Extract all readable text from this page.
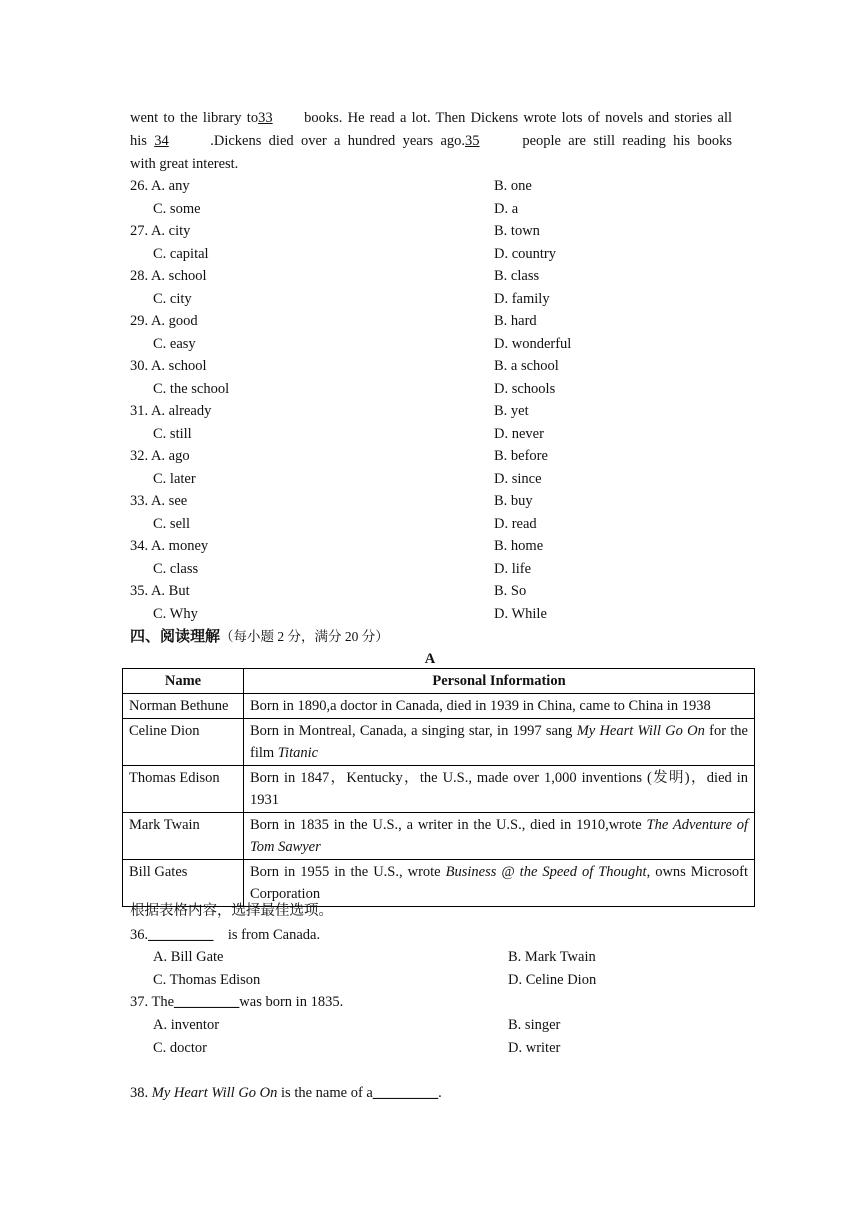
went to the library to33 books. He read a lot. Then Dickens wrote lots of novels and stories all
his 34	.Dickens died over a hundred years ago.35	people are still reading his books
with great interest.
26. A. any	B. one
C. some	D. a
27. A. city	B. town
C. capital	D. country
28. A. school	B. class
C. city	D. family
29. A. good	B. hard
C. easy	D. wonderful
30. A. school	B. a school
C. the school	D. schools
31. A. already	B. yet
C. still	D. never
32. A. ago	B. before
C. later	D. since
33. A. see	B. buy
C. sell	D. read
34. A. money	B. home
C. class	D. life
35. A. But	B. So
C. Why	D. While
四、阅读理解（每小题 2 分，满分 20 分）
A
Name	Personal Information
Norman Bethune	Born in 1890,a doctor in Canada, died in 1939 in China, came to China in 1938
Celine Dion	Born in Montreal, Canada, a singing star, in 1997 sang My Heart Will Go On for the film Titanic
Thomas Edison	Born in 1847，Kentucky，the U.S., made over 1,000 inventions (发明)，died in 1931
Mark Twain	Born in 1835 in the U.S., a writer in the U.S., died in 1910,wrote The Adventure of Tom Sawyer
Bill Gates	Born in 1955 in the U.S., wrote Business @ the Speed of Thought, owns Microsoft Corporation
根据表格内容，选择最佳选项。
36._________    is from Canada.
A. Bill Gate	B. Mark Twain
C. Thomas Edison	D. Celine Dion
37. The_________was born in 1835.
A. inventor	B. singer
C. doctor	D. writer
38. My Heart Will Go On is the name of a_________.
